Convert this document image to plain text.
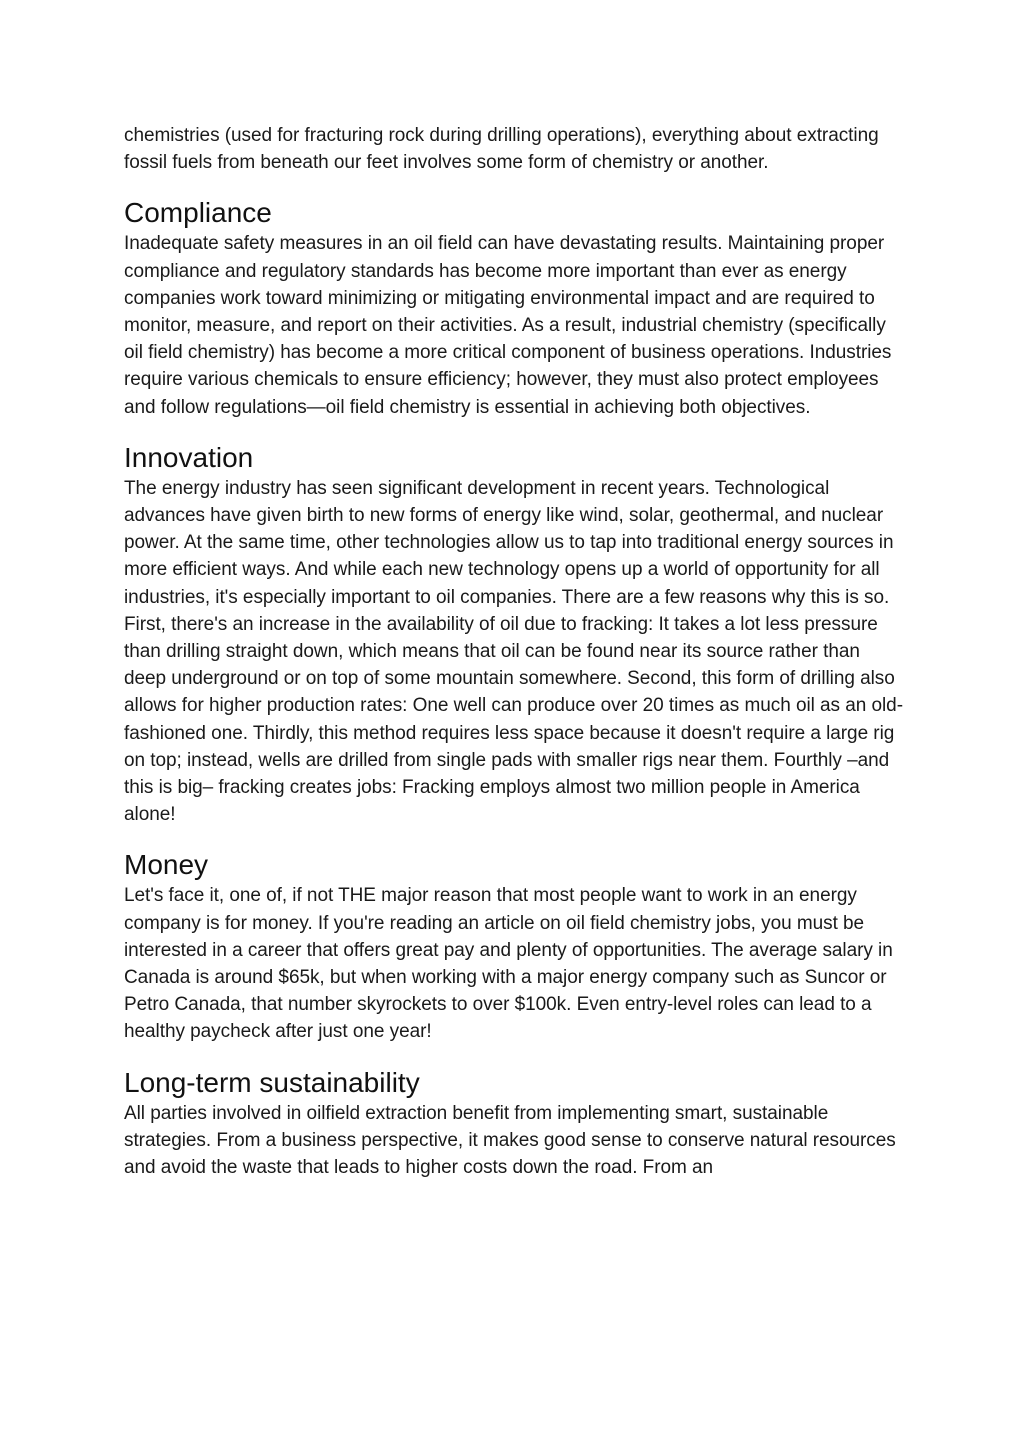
chemistries (used for fracturing rock during drilling operations), everything about extracting fossil fuels from beneath our feet involves some form of chemistry or another.

Compliance

Inadequate safety measures in an oil field can have devastating results. Maintaining proper compliance and regulatory standards has become more important than ever as energy companies work toward minimizing or mitigating environmental impact and are required to monitor, measure, and report on their activities. As a result, industrial chemistry (specifically oil field chemistry) has become a more critical component of business operations. Industries require various chemicals to ensure efficiency; however, they must also protect employees and follow regulations—oil field chemistry is essential in achieving both objectives.

Innovation

The energy industry has seen significant development in recent years. Technological advances have given birth to new forms of energy like wind, solar, geothermal, and nuclear power. At the same time, other technologies allow us to tap into traditional energy sources in more efficient ways. And while each new technology opens up a world of opportunity for all industries, it's especially important to oil companies. There are a few reasons why this is so. First, there's an increase in the availability of oil due to fracking: It takes a lot less pressure than drilling straight down, which means that oil can be found near its source rather than deep underground or on top of some mountain somewhere. Second, this form of drilling also allows for higher production rates: One well can produce over 20 times as much oil as an old-fashioned one. Thirdly, this method requires less space because it doesn't require a large rig on top; instead, wells are drilled from single pads with smaller rigs near them. Fourthly –and this is big– fracking creates jobs: Fracking employs almost two million people in America alone!

Money

Let's face it, one of, if not THE major reason that most people want to work in an energy company is for money. If you're reading an article on oil field chemistry jobs, you must be interested in a career that offers great pay and plenty of opportunities. The average salary in Canada is around $65k, but when working with a major energy company such as Suncor or Petro Canada, that number skyrockets to over $100k. Even entry-level roles can lead to a healthy paycheck after just one year!

Long-term sustainability

All parties involved in oilfield extraction benefit from implementing smart, sustainable strategies. From a business perspective, it makes good sense to conserve natural resources and avoid the waste that leads to higher costs down the road. From an
